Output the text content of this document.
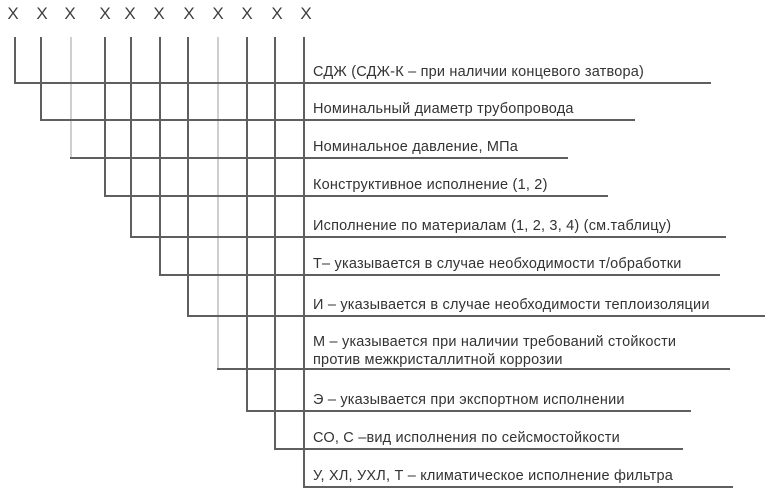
X X X X X X X X X X X
СДЖ (СДЖ-К – при наличии концевого затвора)
Номинальный диаметр трубопровода
Номинальное давление, МПа
Конструктивное исполнение (1, 2)
Исполнение по материалам (1, 2, 3, 4) (см.таблицу)
Т– указывается в случае необходимости т/обработки
И – указывается в случае необходимости теплоизоляции
М – указывается при наличии требований стойкости
против межкристаллитной коррозии
Э – указывается при экспортном исполнении
СО, С –вид исполнения по сейсмостойкости
У, ХЛ, УХЛ, Т – климатическое исполнение фильтра
